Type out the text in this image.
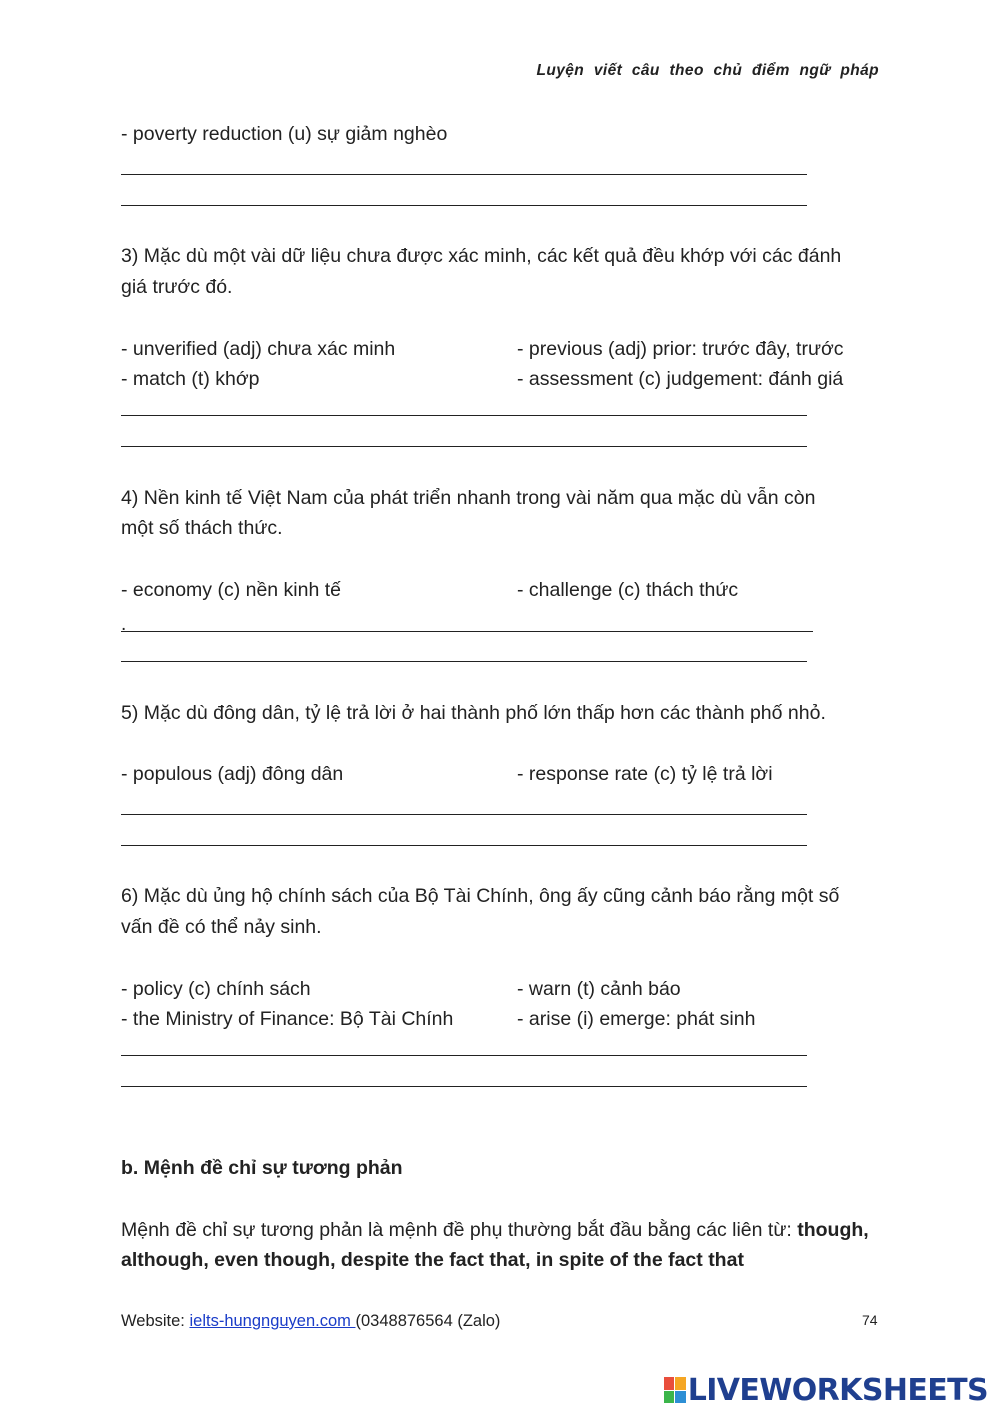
Luyện viết câu theo chủ điểm ngữ pháp
- poverty reduction (u) sự giảm nghèo
3) Mặc dù một vài dữ liệu chưa được xác minh, các kết quả đều khớp với các đánh
giá trước đó.
- unverified (adj) chưa xác minh	- previous (adj) prior: trước đây, trước
- match (t) khớp	- assessment (c) judgement: đánh giá
4) Nền kinh tế Việt Nam của phát triển nhanh trong vài năm qua mặc dù vẫn còn
một số thách thức.
- economy (c) nền kinh tế	- challenge (c) thách thức
.
5) Mặc dù đông dân, tỷ lệ trả lời ở hai thành phố lớn thấp hơn các thành phố nhỏ.
- populous (adj) đông dân	- response rate (c) tỷ lệ trả lời
6) Mặc dù ủng hộ chính sách của Bộ Tài Chính, ông ấy cũng cảnh báo rằng một số
vấn đề có thể nảy sinh.
- policy (c) chính sách	- warn (t) cảnh báo
- the Ministry of Finance: Bộ Tài Chính	- arise (i) emerge: phát sinh
b. Mệnh đề chỉ sự tương phản
Mệnh đề chỉ sự tương phản là mệnh đề phụ thường bắt đầu bằng các liên từ: though,
although, even though, despite the fact that, in spite of the fact that
Website: ielts-hungnguyen.com (0348876564 (Zalo)	74
LIVEWORKSHEETS
